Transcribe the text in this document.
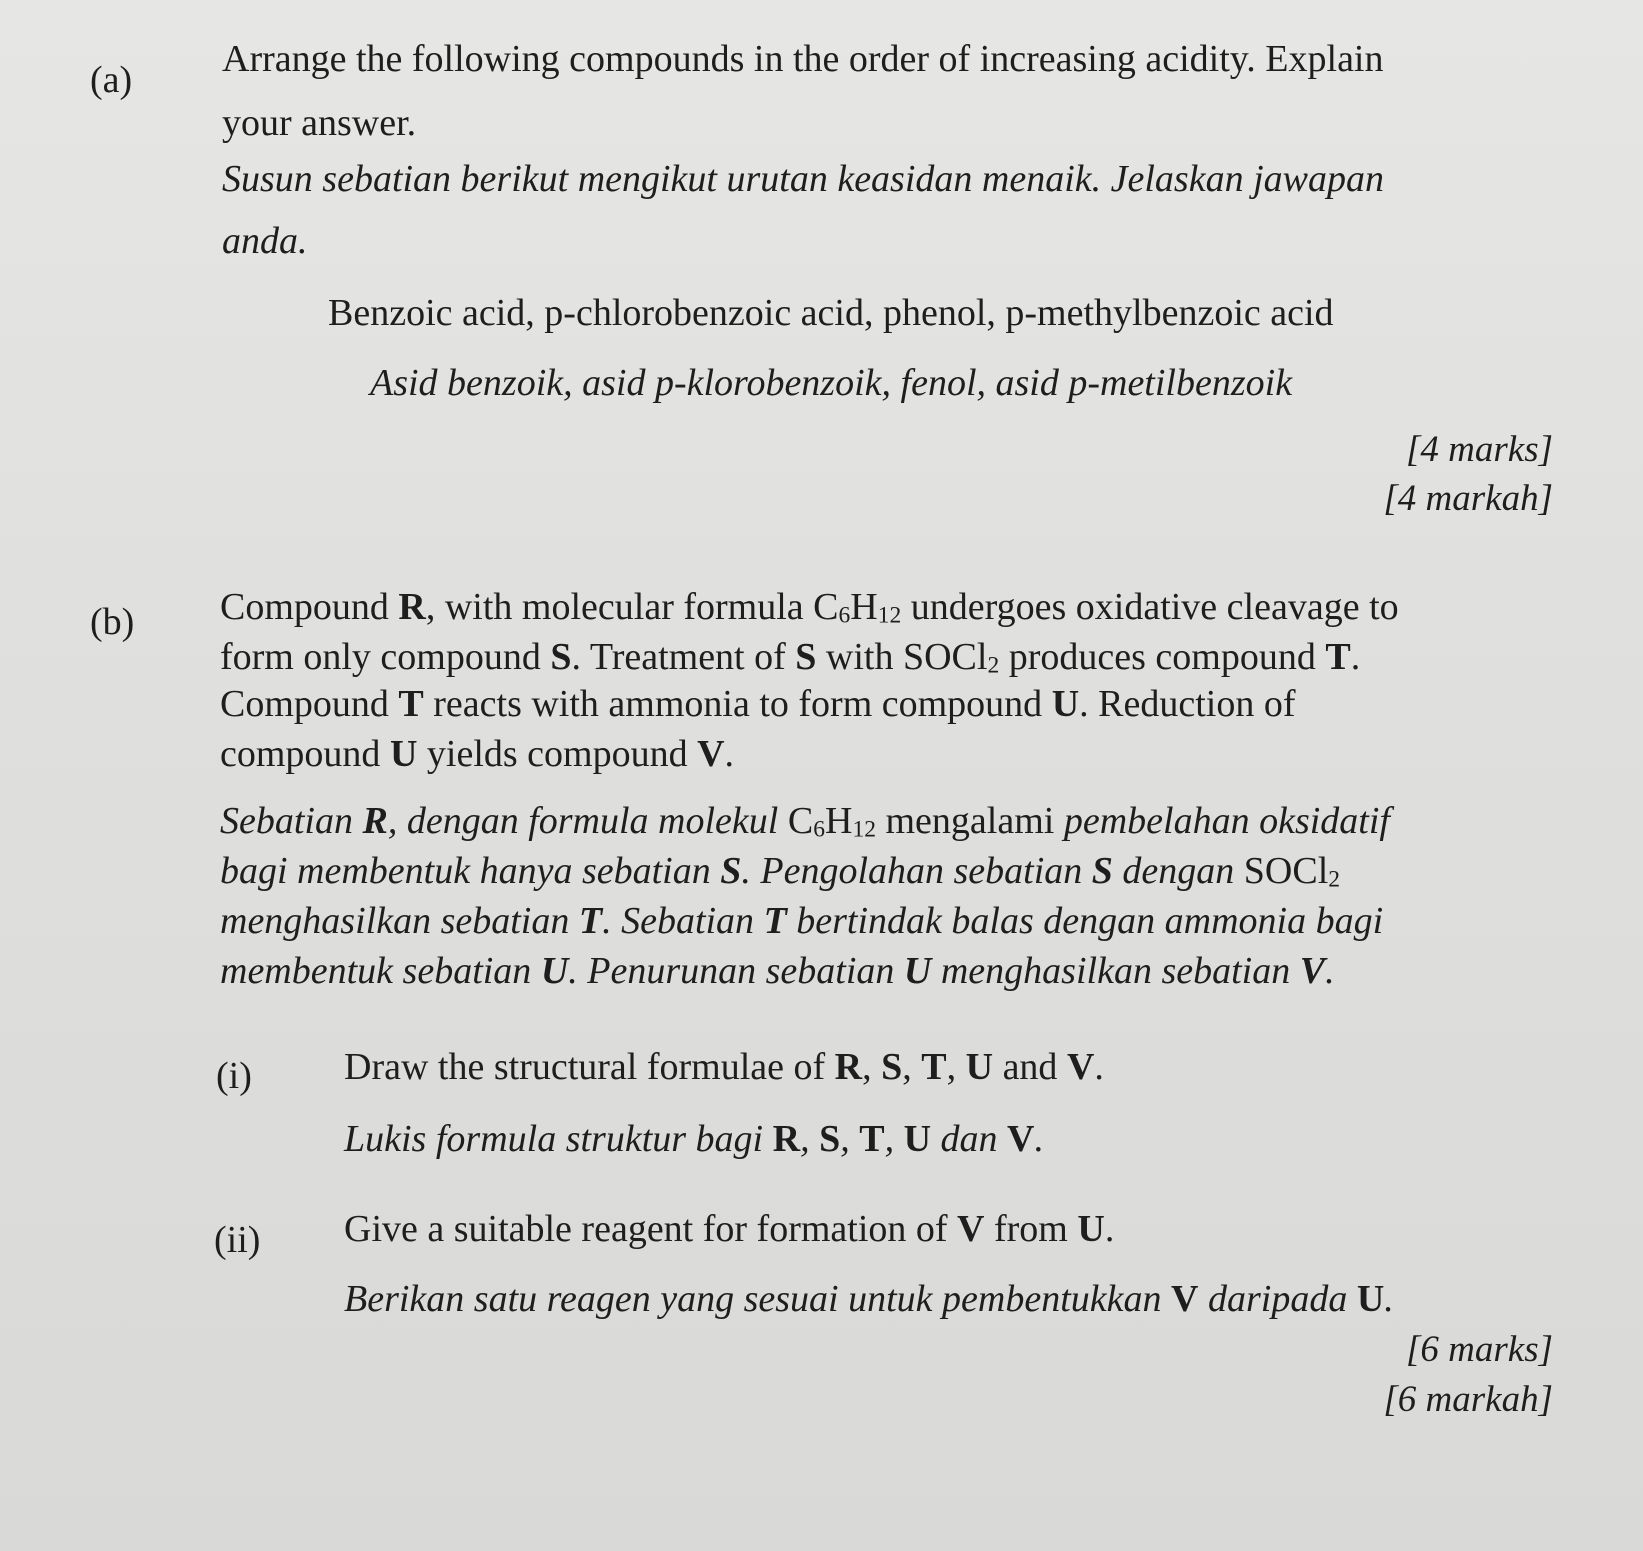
(a) Arrange the following compounds in the order of increasing acidity. Explain
your answer.
Susun sebatian berikut mengikut urutan keasidan menaik. Jelaskan jawapan
anda.
Benzoic acid, p-chlorobenzoic acid, phenol, p-methylbenzoic acid
Asid benzoik, asid p-klorobenzoik, fenol, asid p-metilbenzoik
[4 marks]
[4 markah]
(b) Compound R, with molecular formula $C_6H_{12}$ undergoes oxidative cleavage to
form only compound S. Treatment of S with SOCl$_2$ produces compound T.
Compound T reacts with ammonia to form compound U. Reduction of
compound U yields compound V.
Sebatian R, dengan formula molekul $C_6H_{12}$ mengalami pembelahan oksidatif
bagi membentuk hanya sebatian S. Pengolahan sebatian S dengan SOCl$_2$
menghasilkan sebatian T. Sebatian T bertindak balas dengan ammonia bagi
membentuk sebatian U. Penurunan sebatian U menghasilkan sebatian V.
(i) Draw the structural formulae of R, S, T, U and V.
Lukis formula struktur bagi R, S, T, U dan V.
(ii) Give a suitable reagent for formation of V from U.
Berikan satu reagen yang sesuai untuk pembentukkan V daripada U.
[6 marks]
[6 markah]
